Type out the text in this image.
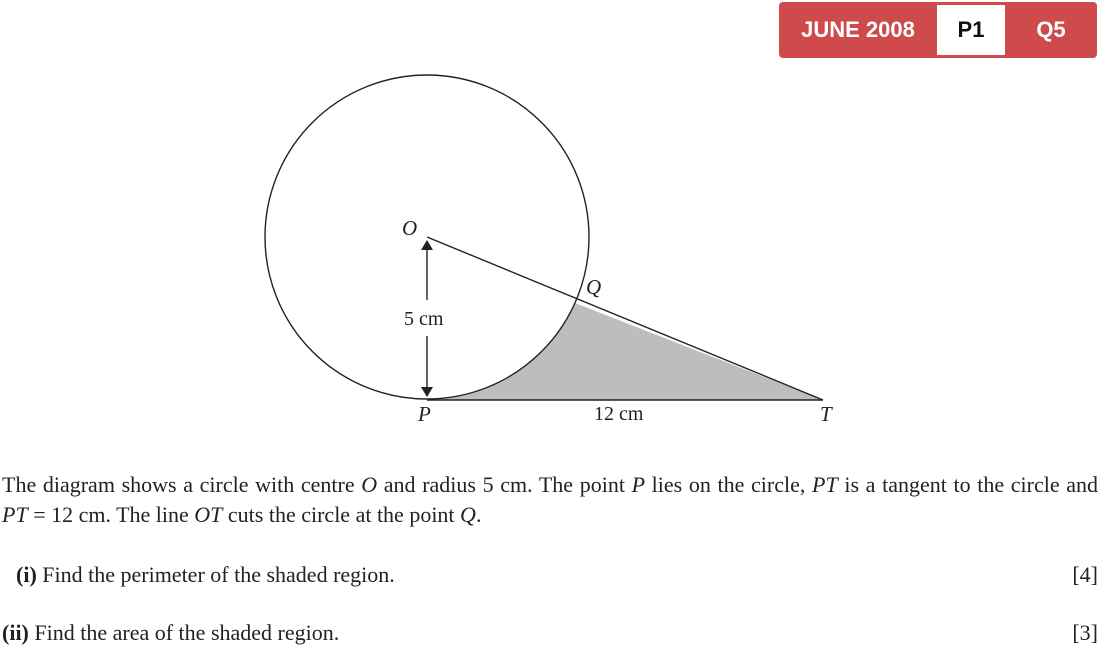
JUNE 2008	P1	Q5
O
Q
P	T
5 cm
12 cm
The diagram shows a circle with centre O and radius 5 cm. The point P lies on the circle, PT is a tangent to the circle and PT = 12 cm. The line OT cuts the circle at the point Q.
(i) Find the perimeter of the shaded region.	[4]
(ii) Find the area of the shaded region.	[3]
